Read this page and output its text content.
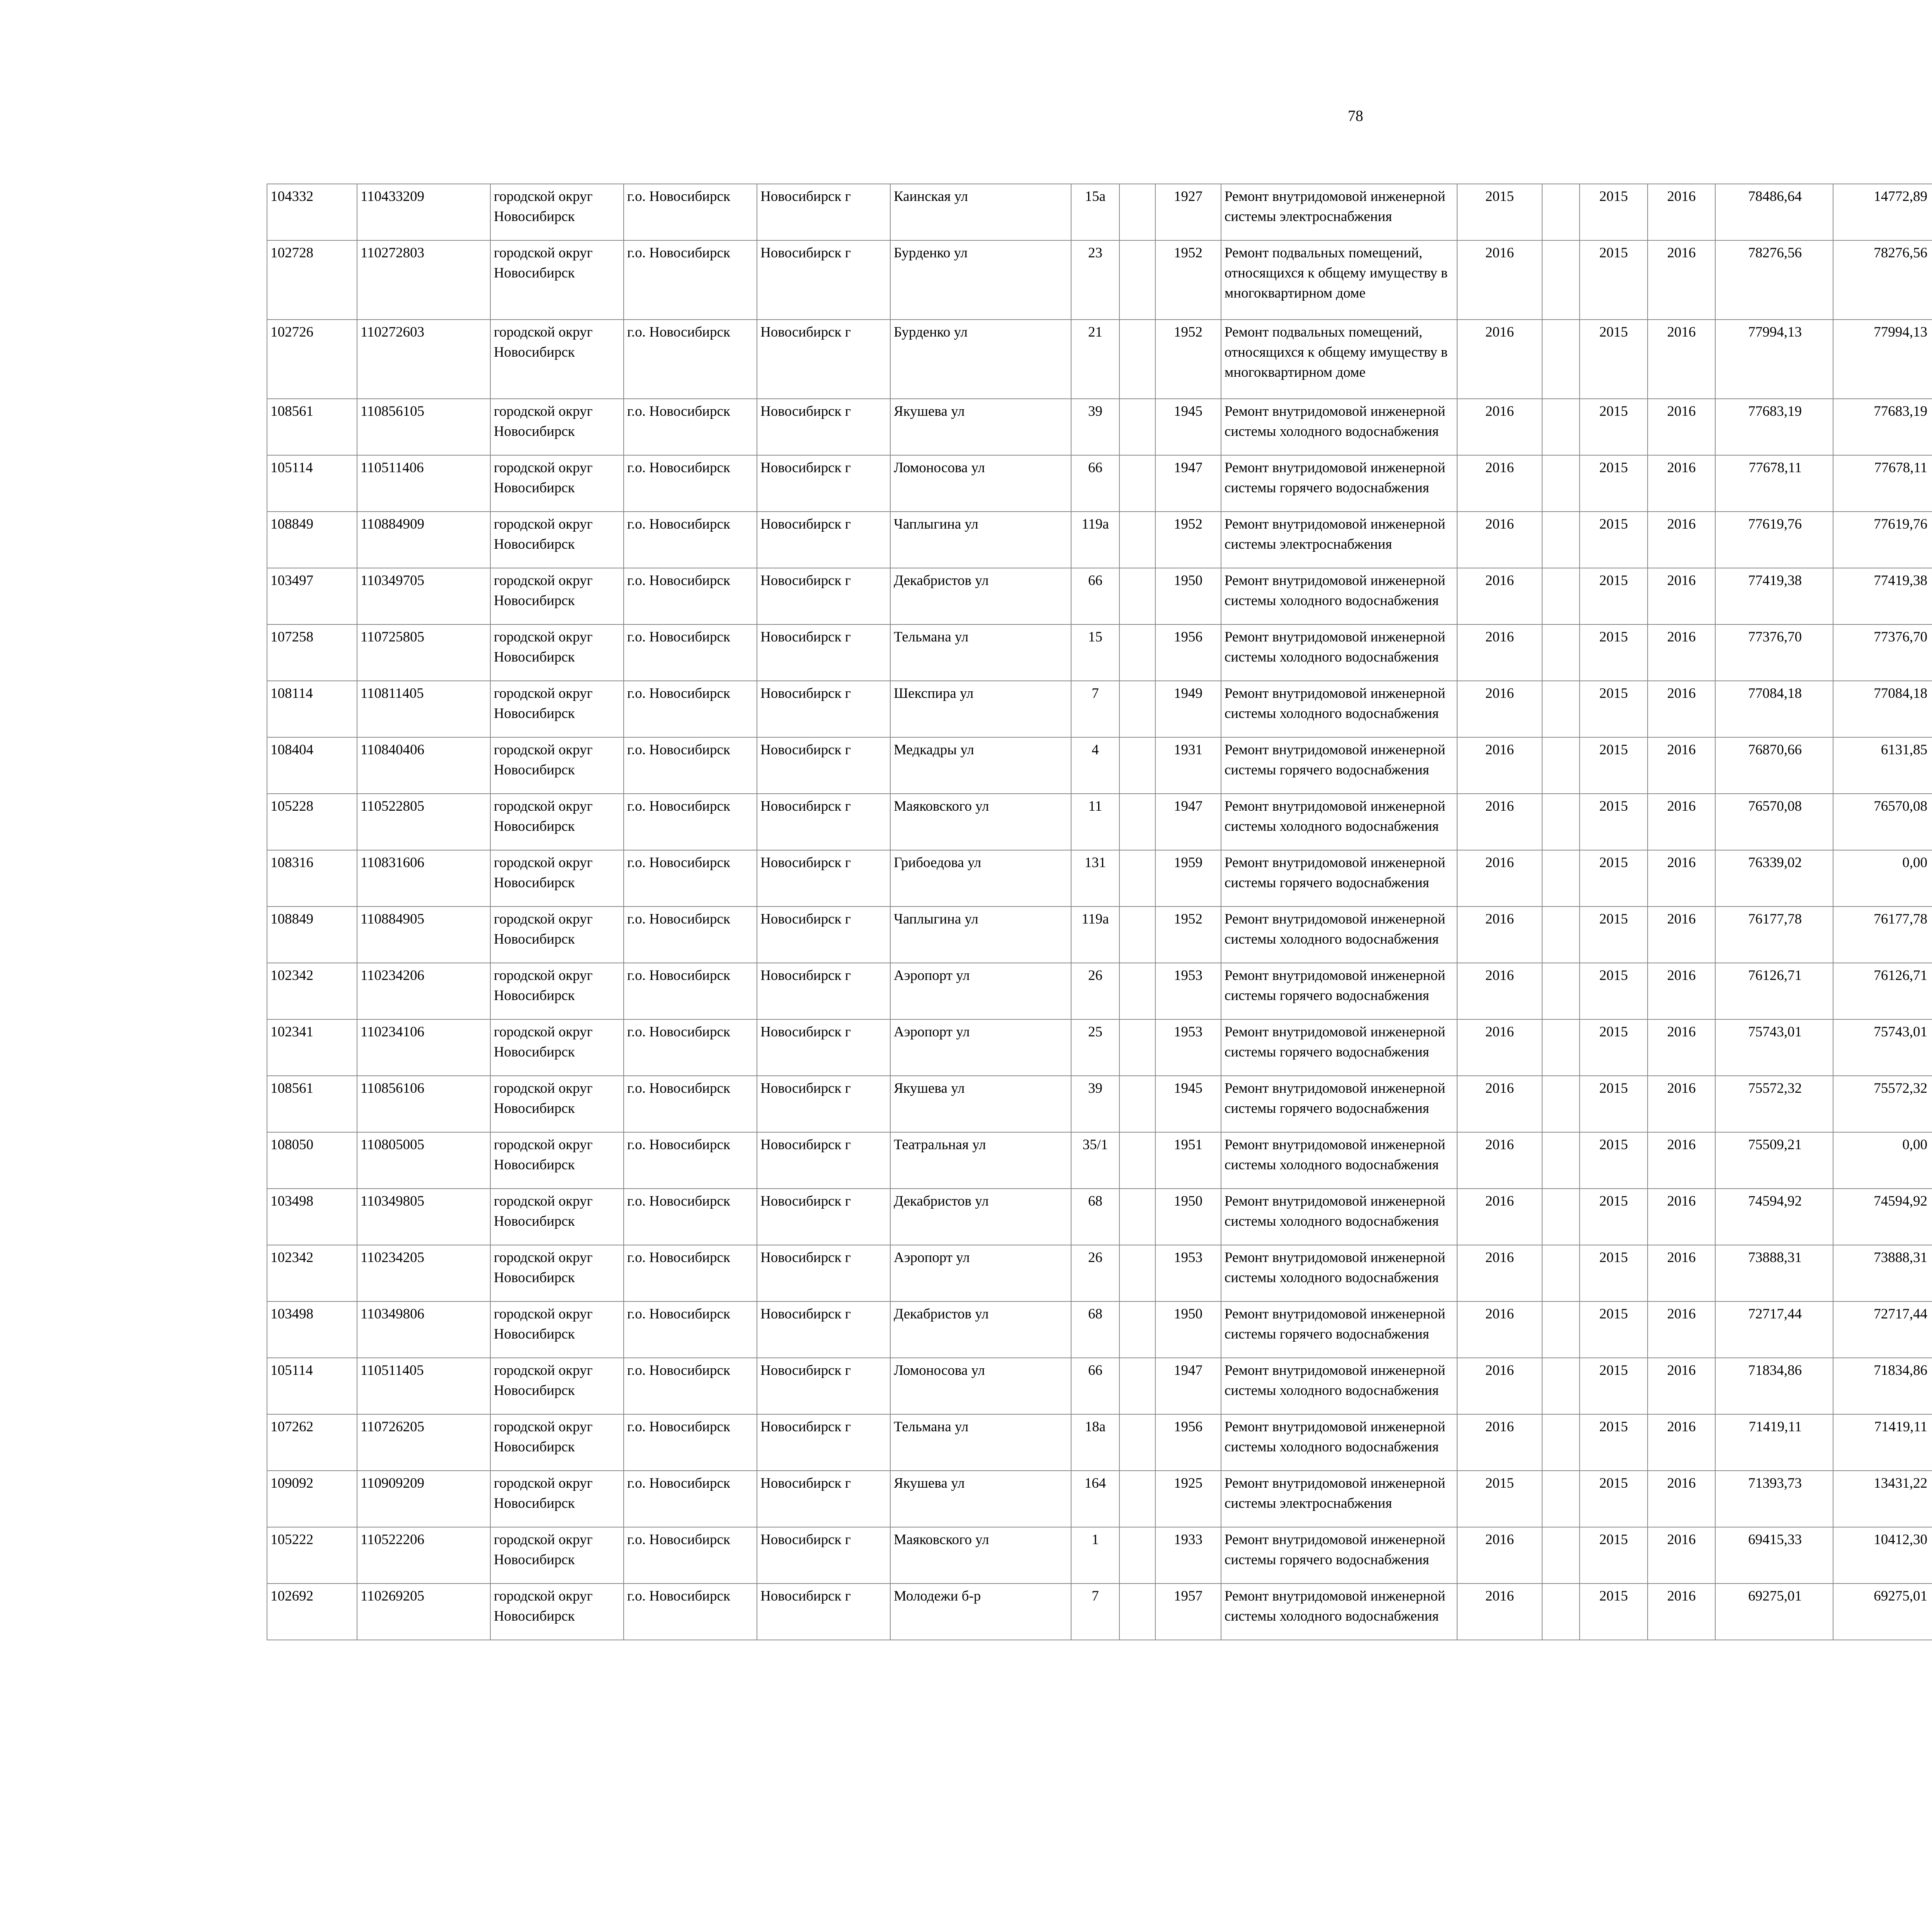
78
104332	110433209	городской округ Новосибирск	г.о. Новосибирск	Новосибирск г	Каинская ул	15а		1927	Ремонт внутридомовой инженерной системы электроснабжения	2015		2015	2016	78486,64	14772,89						
102728	110272803	городской округ Новосибирск	г.о. Новосибирск	Новосибирск г	Бурденко ул	23		1952	Ремонт подвальных помещений, относящихся к общему имуществу в многоквартирном доме	2016		2015	2016	78276,56	78276,56						
102726	110272603	городской округ Новосибирск	г.о. Новосибирск	Новосибирск г	Бурденко ул	21		1952	Ремонт подвальных помещений, относящихся к общему имуществу в многоквартирном доме	2016		2015	2016	77994,13	77994,13						
108561	110856105	городской округ Новосибирск	г.о. Новосибирск	Новосибирск г	Якушева ул	39		1945	Ремонт внутридомовой инженерной системы холодного водоснабжения	2016		2015	2016	77683,19	77683,19						
105114	110511406	городской округ Новосибирск	г.о. Новосибирск	Новосибирск г	Ломоносова ул	66		1947	Ремонт внутридомовой инженерной системы горячего водоснабжения	2016		2015	2016	77678,11	77678,11						
108849	110884909	городской округ Новосибирск	г.о. Новосибирск	Новосибирск г	Чаплыгина ул	119а		1952	Ремонт внутридомовой инженерной системы электроснабжения	2016		2015	2016	77619,76	77619,76						
103497	110349705	городской округ Новосибирск	г.о. Новосибирск	Новосибирск г	Декабристов ул	66		1950	Ремонт внутридомовой инженерной системы холодного водоснабжения	2016		2015	2016	77419,38	77419,38						
107258	110725805	городской округ Новосибирск	г.о. Новосибирск	Новосибирск г	Тельмана ул	15		1956	Ремонт внутридомовой инженерной системы холодного водоснабжения	2016		2015	2016	77376,70	77376,70						
108114	110811405	городской округ Новосибирск	г.о. Новосибирск	Новосибирск г	Шекспира ул	7		1949	Ремонт внутридомовой инженерной системы холодного водоснабжения	2016		2015	2016	77084,18	77084,18						
108404	110840406	городской округ Новосибирск	г.о. Новосибирск	Новосибирск г	Медкадры ул	4		1931	Ремонт внутридомовой инженерной системы горячего водоснабжения	2016		2015	2016	76870,66	6131,85						
105228	110522805	городской округ Новосибирск	г.о. Новосибирск	Новосибирск г	Маяковского ул	11		1947	Ремонт внутридомовой инженерной системы холодного водоснабжения	2016		2015	2016	76570,08	76570,08						
108316	110831606	городской округ Новосибирск	г.о. Новосибирск	Новосибирск г	Грибоедова ул	131		1959	Ремонт внутридомовой инженерной системы горячего водоснабжения	2016		2015	2016	76339,02	0,00						
108849	110884905	городской округ Новосибирск	г.о. Новосибирск	Новосибирск г	Чаплыгина ул	119а		1952	Ремонт внутридомовой инженерной системы холодного водоснабжения	2016		2015	2016	76177,78	76177,78						
102342	110234206	городской округ Новосибирск	г.о. Новосибирск	Новосибирск г	Аэропорт ул	26		1953	Ремонт внутридомовой инженерной системы горячего водоснабжения	2016		2015	2016	76126,71	76126,71						
102341	110234106	городской округ Новосибирск	г.о. Новосибирск	Новосибирск г	Аэропорт ул	25		1953	Ремонт внутридомовой инженерной системы горячего водоснабжения	2016		2015	2016	75743,01	75743,01						
108561	110856106	городской округ Новосибирск	г.о. Новосибирск	Новосибирск г	Якушева ул	39		1945	Ремонт внутридомовой инженерной системы горячего водоснабжения	2016		2015	2016	75572,32	75572,32						
108050	110805005	городской округ Новосибирск	г.о. Новосибирск	Новосибирск г	Театральная ул	35/1		1951	Ремонт внутридомовой инженерной системы холодного водоснабжения	2016		2015	2016	75509,21	0,00						
103498	110349805	городской округ Новосибирск	г.о. Новосибирск	Новосибирск г	Декабристов ул	68		1950	Ремонт внутридомовой инженерной системы холодного водоснабжения	2016		2015	2016	74594,92	74594,92						
102342	110234205	городской округ Новосибирск	г.о. Новосибирск	Новосибирск г	Аэропорт ул	26		1953	Ремонт внутридомовой инженерной системы холодного водоснабжения	2016		2015	2016	73888,31	73888,31						
103498	110349806	городской округ Новосибирск	г.о. Новосибирск	Новосибирск г	Декабристов ул	68		1950	Ремонт внутридомовой инженерной системы горячего водоснабжения	2016		2015	2016	72717,44	72717,44						
105114	110511405	городской округ Новосибирск	г.о. Новосибирск	Новосибирск г	Ломоносова ул	66		1947	Ремонт внутридомовой инженерной системы холодного водоснабжения	2016		2015	2016	71834,86	71834,86						
107262	110726205	городской округ Новосибирск	г.о. Новосибирск	Новосибирск г	Тельмана ул	18а		1956	Ремонт внутридомовой инженерной системы холодного водоснабжения	2016		2015	2016	71419,11	71419,11						
109092	110909209	городской округ Новосибирск	г.о. Новосибирск	Новосибирск г	Якушева ул	164		1925	Ремонт внутридомовой инженерной системы электроснабжения	2015		2015	2016	71393,73	13431,22						
105222	110522206	городской округ Новосибирск	г.о. Новосибирск	Новосибирск г	Маяковского ул	1		1933	Ремонт внутридомовой инженерной системы горячего водоснабжения	2016		2015	2016	69415,33	10412,30						
102692	110269205	городской округ Новосибирск	г.о. Новосибирск	Новосибирск г	Молодежи б-р	7		1957	Ремонт внутридомовой инженерной системы холодного водоснабжения	2016		2015	2016	69275,01	69275,01						
